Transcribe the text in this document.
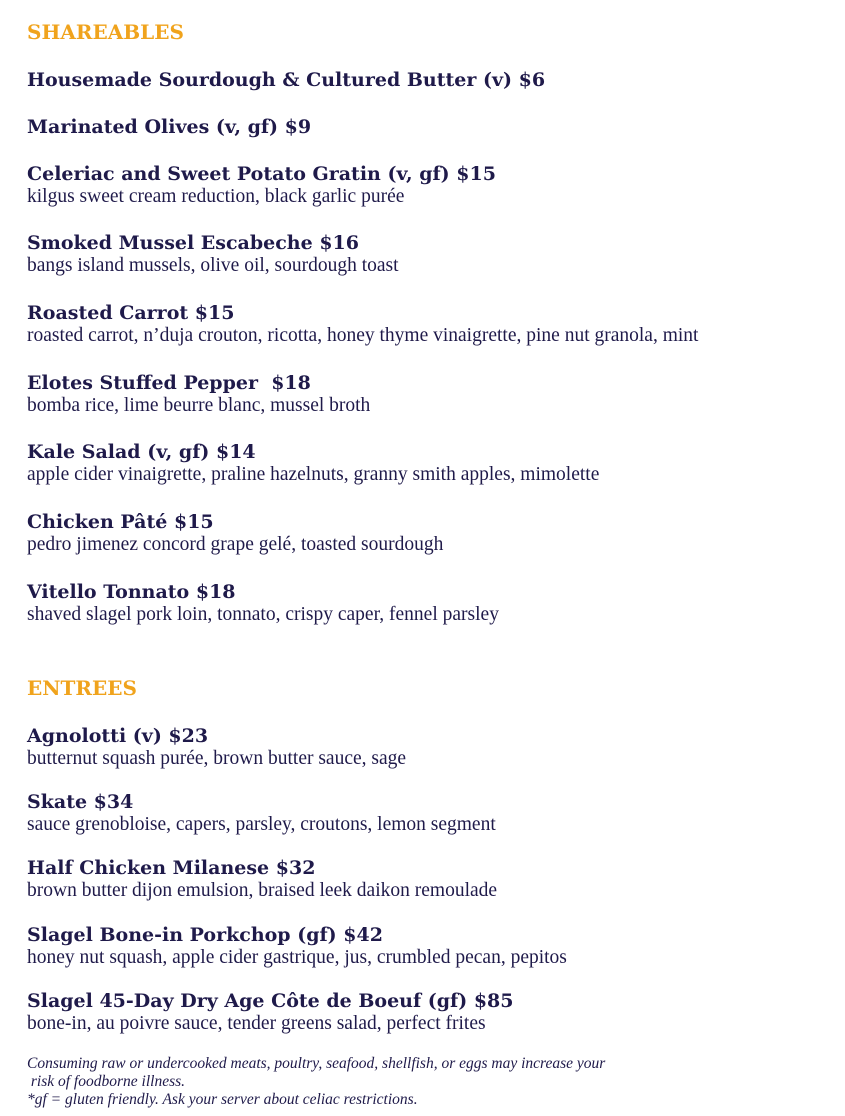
SHAREABLES
Housemade Sourdough & Cultured Butter (v) $6
Marinated Olives (v, gf) $9
Celeriac and Sweet Potato Gratin (v, gf) $15
kilgus sweet cream reduction, black garlic purée
Smoked Mussel Escabeche $16
bangs island mussels, olive oil, sourdough toast
Roasted Carrot $15
roasted carrot, n’duja crouton, ricotta, honey thyme vinaigrette, pine nut granola, mint
Elotes Stuffed Pepper  $18
bomba rice, lime beurre blanc, mussel broth
Kale Salad (v, gf) $14
apple cider vinaigrette, praline hazelnuts, granny smith apples, mimolette
Chicken Pâté $15
pedro jimenez concord grape gelé, toasted sourdough
Vitello Tonnato $18
shaved slagel pork loin, tonnato, crispy caper, fennel parsley
ENTREES
Agnolotti (v) $23
butternut squash purée, brown butter sauce, sage
Skate $34
sauce grenobloise, capers, parsley, croutons, lemon segment
Half Chicken Milanese $32
brown butter dijon emulsion, braised leek daikon remoulade
Slagel Bone-in Porkchop (gf) $42
honey nut squash, apple cider gastrique, jus, crumbled pecan, pepitos
Slagel 45-Day Dry Age Côte de Boeuf (gf) $85
bone-in, au poivre sauce, tender greens salad, perfect frites
Consuming raw or undercooked meats, poultry, seafood, shellfish, or eggs may increase your
risk of foodborne illness.
*gf = gluten friendly. Ask your server about celiac restrictions.
